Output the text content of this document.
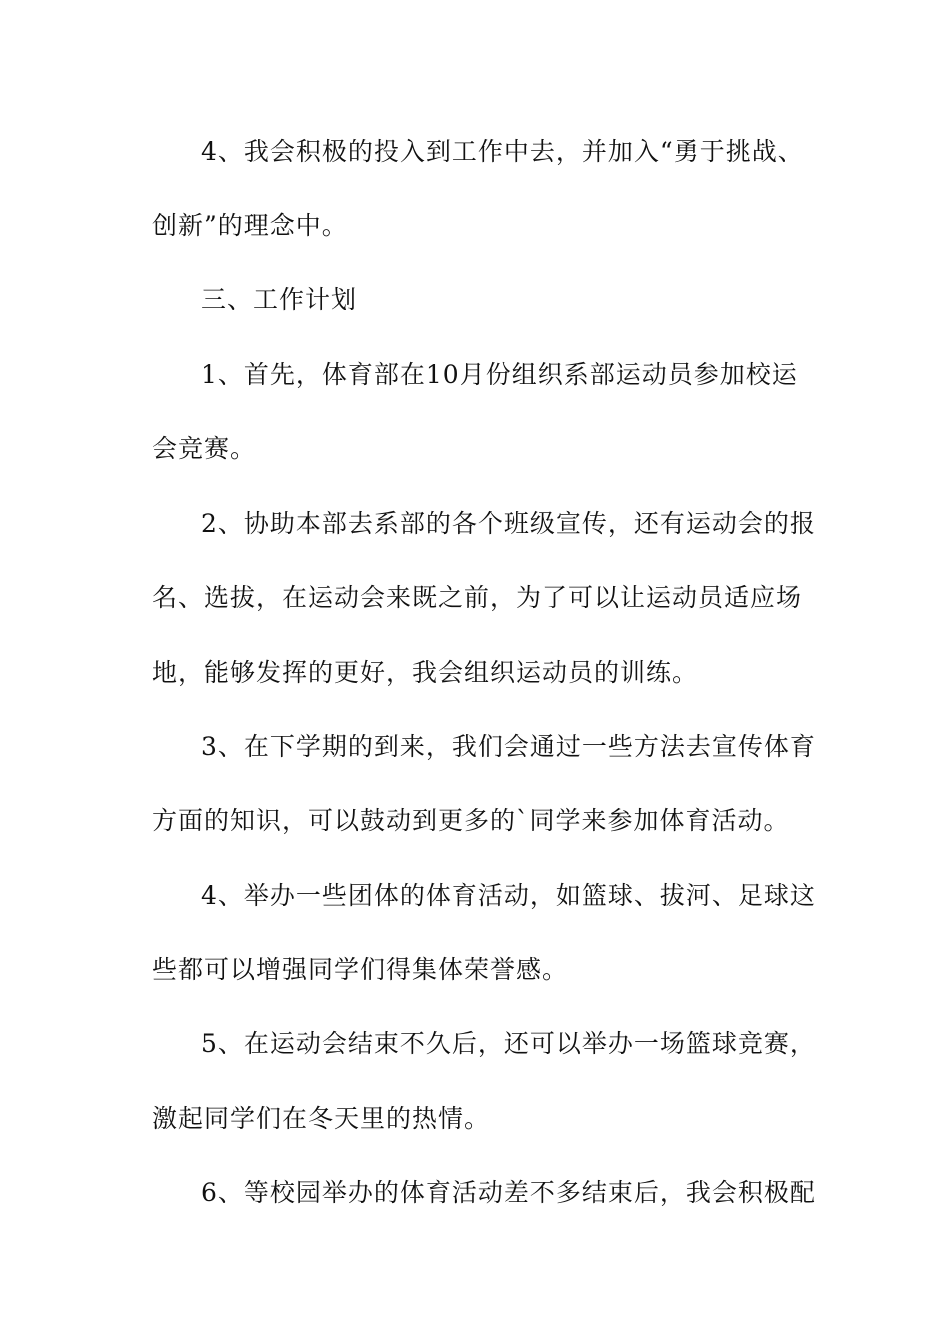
4、我会积极的投入到工作中去，并加入“勇于挑战、
创新”的理念中。
三、工作计划
1、首先，体育部在10月份组织系部运动员参加校运
会竞赛。
2、协助本部去系部的各个班级宣传，还有运动会的报
名、选拔，在运动会来既之前，为了可以让运动员适应场
地，能够发挥的更好，我会组织运动员的训练。
3、在下学期的到来，我们会通过一些方法去宣传体育
方面的知识，可以鼓动到更多的`同学来参加体育活动。
4、举办一些团体的体育活动，如篮球、拔河、足球这
些都可以增强同学们得集体荣誉感。
5、在运动会结束不久后，还可以举办一场篮球竞赛，
激起同学们在冬天里的热情。
6、等校园举办的体育活动差不多结束后，我会积极配
